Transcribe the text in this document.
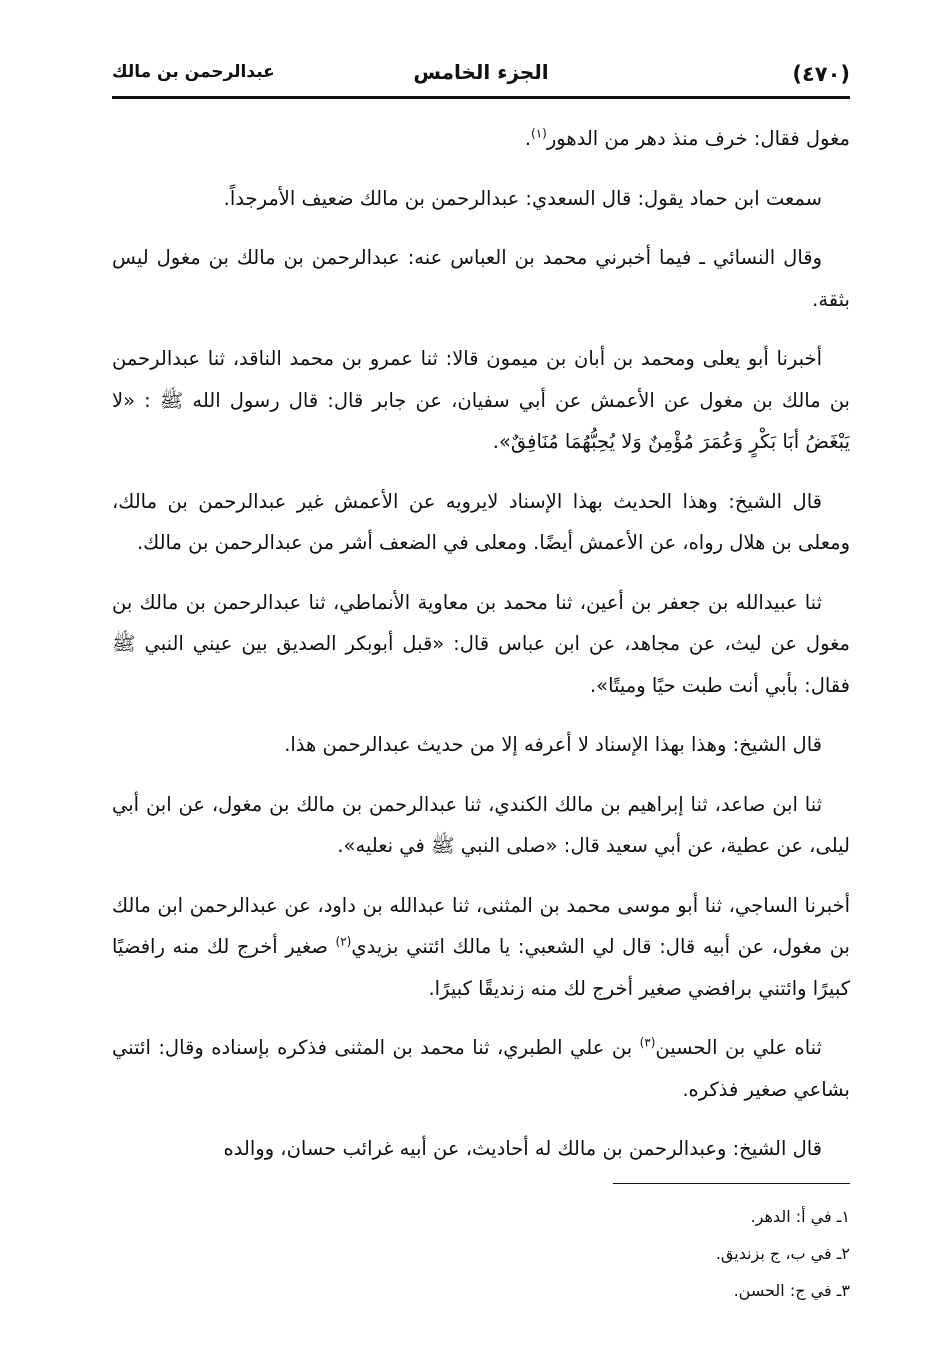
(٤٧٠)
الجزء الخامس
عبدالرحمن بن مالك

مغول فقال: خرف منذ دهر من الدهور$^{(١)}$.

سمعت ابن حماد يقول: قال السعدي: عبدالرحمن بن مالك ضعيف الأمرجداً.

وقال النسائي ـ فيما أخبرني محمد بن العباس عنه: عبدالرحمن بن مالك بن مغول ليس بثقة.

أخبرنا أبو يعلى ومحمد بن أبان بن ميمون قالا: ثنا عمرو بن محمد الناقد، ثنا عبدالرحمن بن مالك بن مغول عن الأعمش عن أبي سفيان، عن جابر قال: قال رسول الله ﷺ : «لا يَبْغَضُ أبَا بَكْرٍ وَعُمَرَ مُؤْمِنٌ وَلا يُحِبُّهُمَا مُنَافِقٌ».

قال الشيخ: وهذا الحديث بهذا الإسناد لايرويه عن الأعمش غير عبدالرحمن بن مالك، ومعلى بن هلال رواه، عن الأعمش أيضًا. ومعلى في الضعف أشر من عبدالرحمن بن مالك.

ثنا عبيدالله بن جعفر بن أعين، ثنا محمد بن معاوية الأنماطي، ثنا عبدالرحمن بن مالك بن مغول عن ليث، عن مجاهد، عن ابن عباس قال: «قبل أبوبكر الصديق بين عيني النبي ﷺ فقال: بأبي أنت طبت حيًا وميتًا».

قال الشيخ: وهذا بهذا الإسناد لا أعرفه إلا من حديث عبدالرحمن هذا.

ثنا ابن صاعد، ثنا إبراهيم بن مالك الكندي، ثنا عبدالرحمن بن مالك بن مغول، عن ابن أبي ليلى، عن عطية، عن أبي سعيد قال: «صلى النبي ﷺ في نعليه».

أخبرنا الساجي، ثنا أبو موسى محمد بن المثنى، ثنا عبدالله بن داود، عن عبدالرحمن ابن مالك بن مغول، عن أبيه قال: قال لي الشعبي: يا مالك ائتني بزيدي$^{(٢)}$ صغير أخرج لك منه رافضيًا كبيرًا وائتني برافضي صغير أخرج لك منه زنديقًا كبيرًا.

ثناه علي بن الحسين$^{(٣)}$ بن علي الطبري، ثنا محمد بن المثنى فذكره بإسناده وقال: ائتني بشاعي صغير فذكره.

قال الشيخ: وعبدالرحمن بن مالك له أحاديث، عن أبيه غرائب حسان، ووالده

١ـ في أ: الدهر.

٢ـ في ب، ج بزنديق.

٣ـ في ج: الحسن.
